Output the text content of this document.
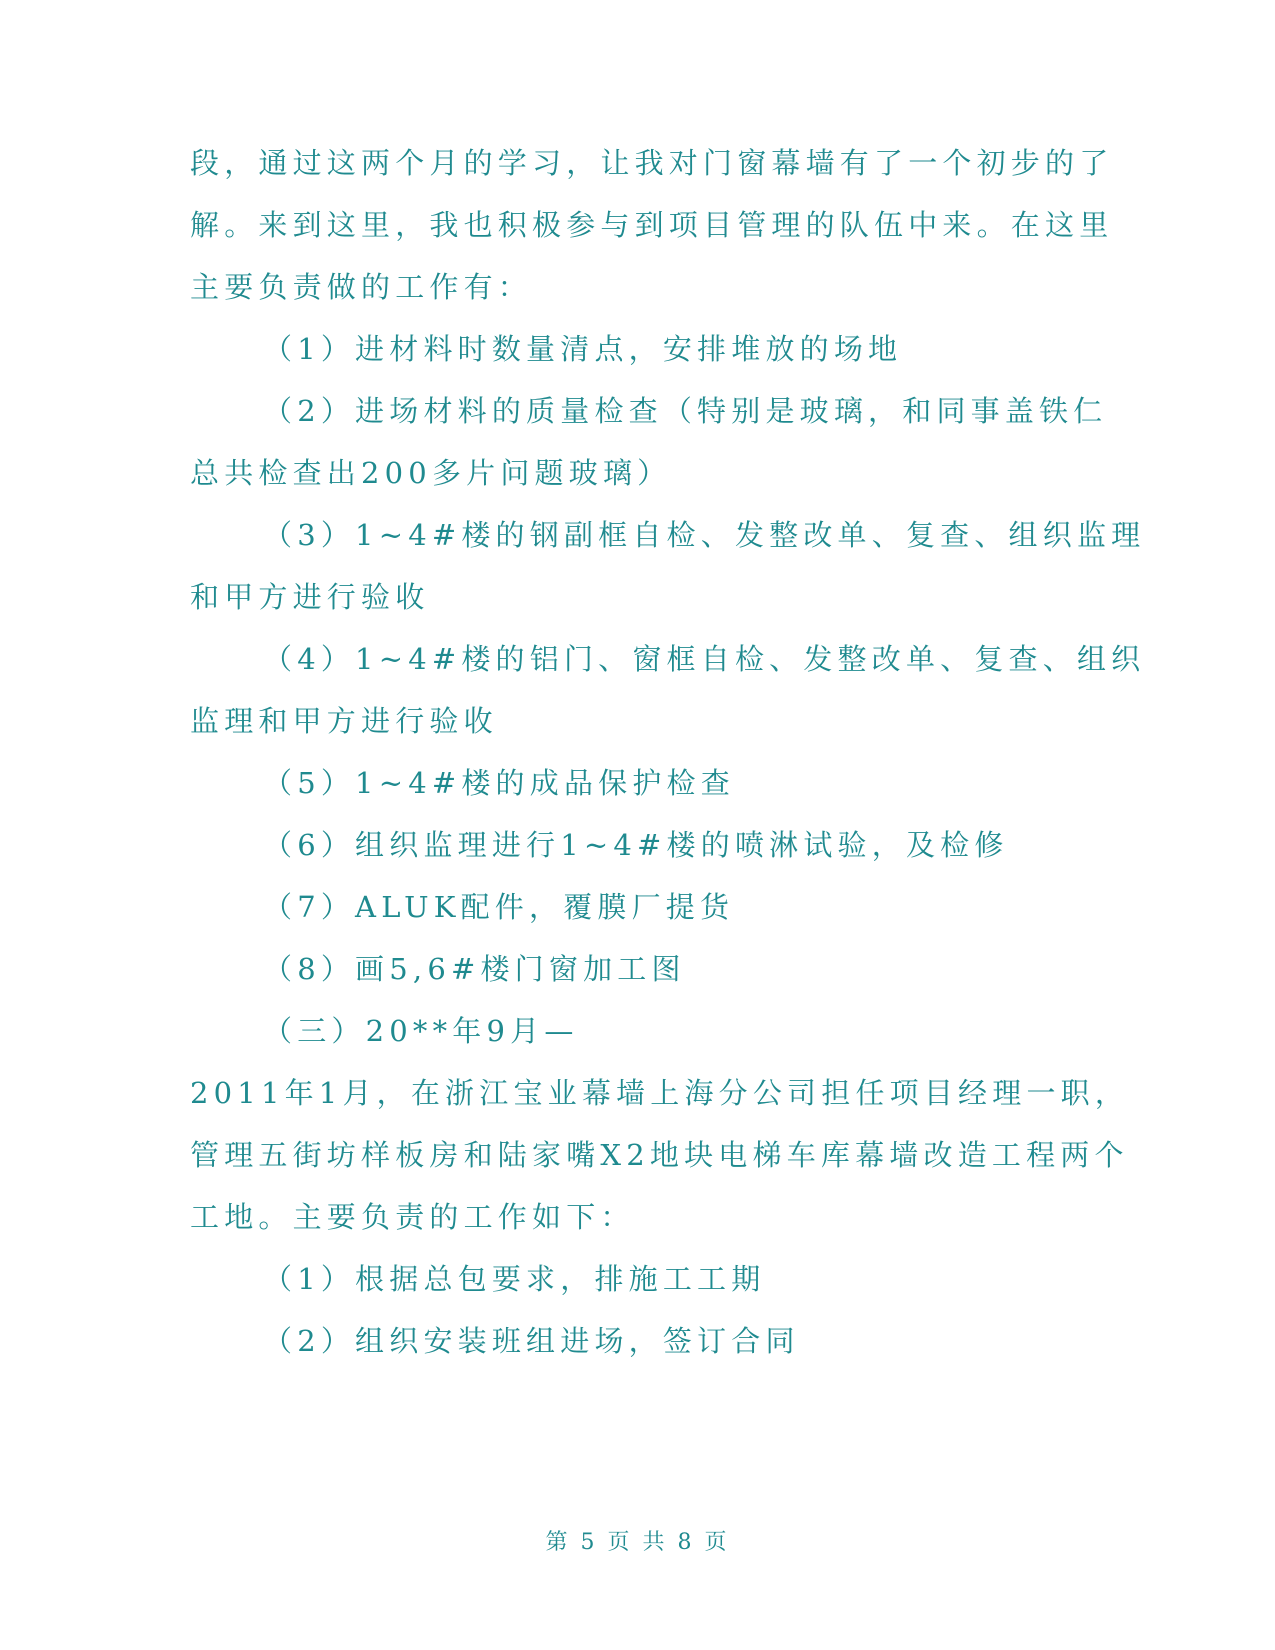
段，通过这两个月的学习，让我对门窗幕墙有了一个初步的了
解。来到这里，我也积极参与到项目管理的队伍中来。在这里
主要负责做的工作有：
（1）进材料时数量清点，安排堆放的场地
（2）进场材料的质量检查（特别是玻璃，和同事盖铁仁
总共检查出200多片问题玻璃）
（3）1~4#楼的钢副框自检、发整改单、复查、组织监理
和甲方进行验收
（4）1~4#楼的铝门、窗框自检、发整改单、复查、组织
监理和甲方进行验收
（5）1~4#楼的成品保护检查
（6）组织监理进行1~4#楼的喷淋试验，及检修
（7）ALUK配件，覆膜厂提货
（8）画5,6#楼门窗加工图
（三）20**年9月—
2011年1月，在浙江宝业幕墙上海分公司担任项目经理一职，
管理五街坊样板房和陆家嘴X2地块电梯车库幕墙改造工程两个
工地。主要负责的工作如下：
（1）根据总包要求，排施工工期
（2）组织安装班组进场，签订合同
第 5 页 共 8 页
